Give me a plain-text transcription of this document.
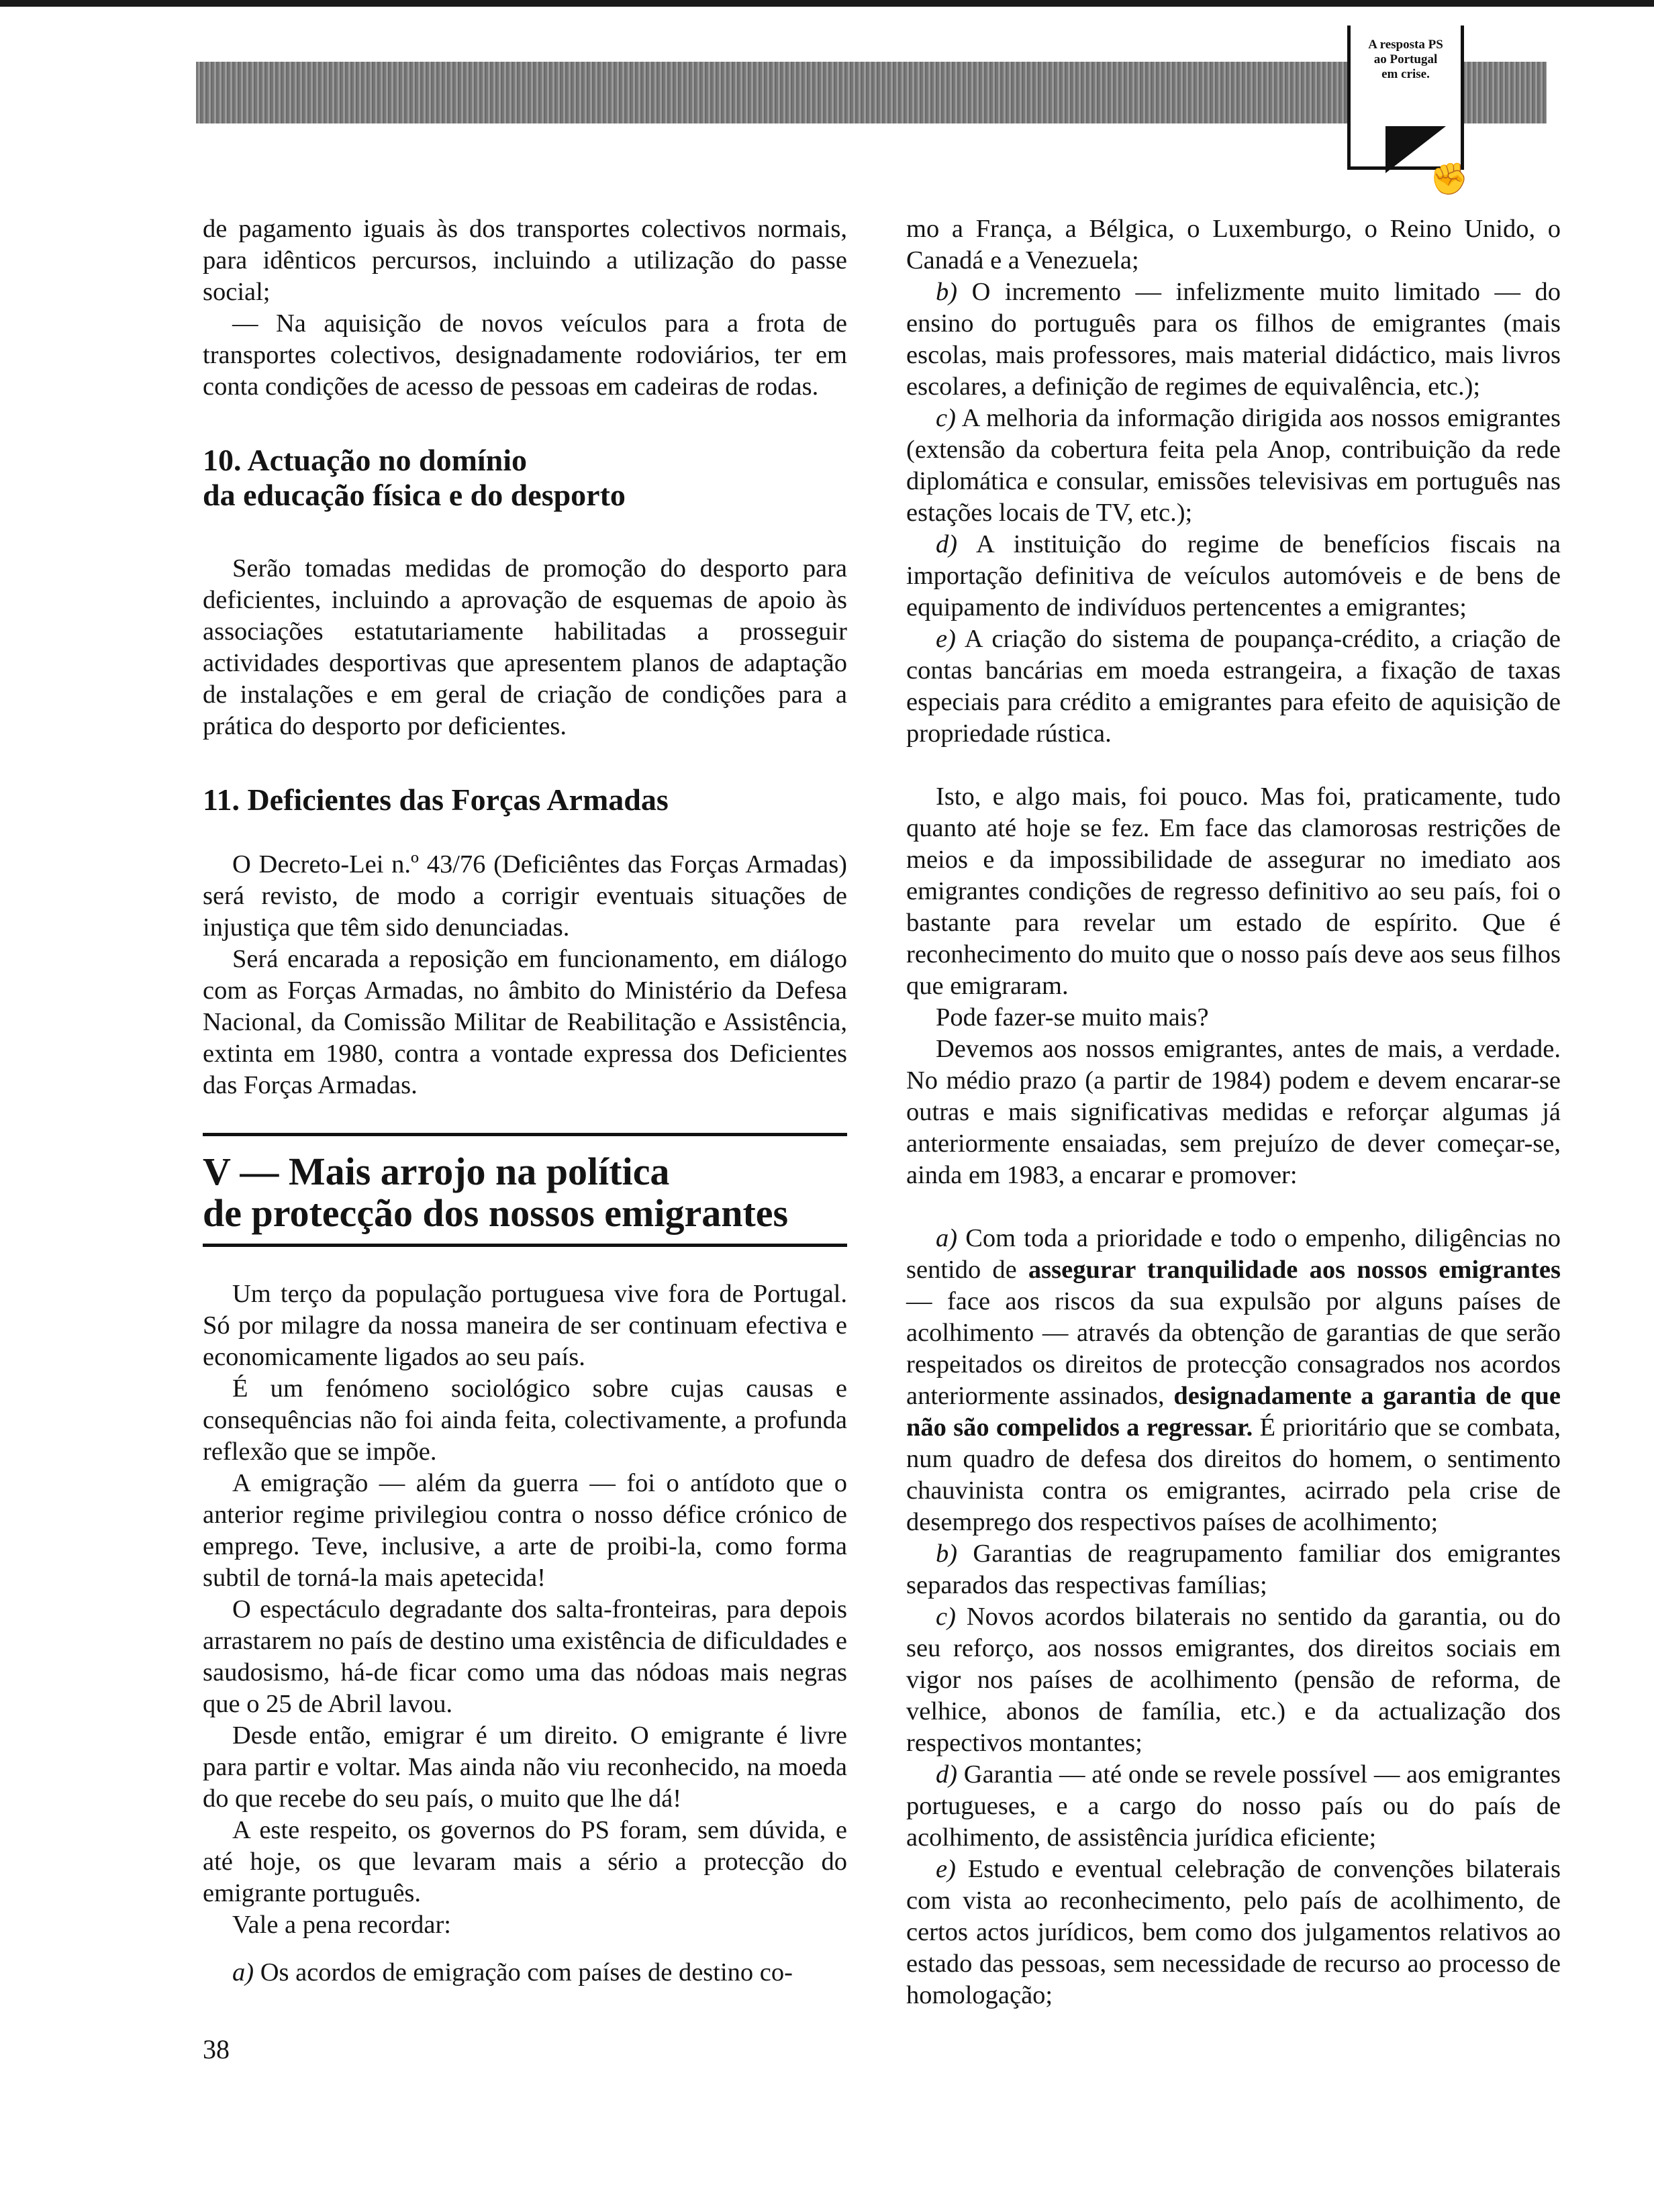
A resposta PS
ao Portugal
em crise.
✊

de pagamento iguais às dos transportes colectivos normais, para idênticos percursos, incluindo a utilização do passe social;

— Na aquisição de novos veículos para a frota de transportes colectivos, designadamente rodoviários, ter em conta condições de acesso de pessoas em cadeiras de rodas.

10. Actuação no domínio
da educação física e do desporto

Serão tomadas medidas de promoção do desporto para deficientes, incluindo a aprovação de esquemas de apoio às associações estatutariamente habilitadas a prosseguir actividades desportivas que apresentem planos de adaptação de instalações e em geral de criação de condições para a prática do desporto por deficientes.

11. Deficientes das Forças Armadas

O Decreto-Lei n.º 43/76 (Deficiêntes das Forças Armadas) será revisto, de modo a corrigir eventuais situações de injustiça que têm sido denunciadas.

Será encarada a reposição em funcionamento, em diálogo com as Forças Armadas, no âmbito do Ministério da Defesa Nacional, da Comissão Militar de Reabilitação e Assistência, extinta em 1980, contra a vontade expressa dos Deficientes das Forças Armadas.

V — Mais arrojo na política
de protecção dos nossos emigrantes

Um terço da população portuguesa vive fora de Portugal. Só por milagre da nossa maneira de ser continuam efectiva e economicamente ligados ao seu país.

É um fenómeno sociológico sobre cujas causas e consequências não foi ainda feita, colectivamente, a profunda reflexão que se impõe.

A emigração — além da guerra — foi o antídoto que o anterior regime privilegiou contra o nosso défice crónico de emprego. Teve, inclusive, a arte de proibi-la, como forma subtil de torná-la mais apetecida!

O espectáculo degradante dos salta-fronteiras, para depois arrastarem no país de destino uma existência de dificuldades e saudosismo, há-de ficar como uma das nódoas mais negras que o 25 de Abril lavou.

Desde então, emigrar é um direito. O emigrante é livre para partir e voltar. Mas ainda não viu reconhecido, na moeda do que recebe do seu país, o muito que lhe dá!

A este respeito, os governos do PS foram, sem dúvida, e até hoje, os que levaram mais a sério a protecção do emigrante português.

Vale a pena recordar:

a) Os acordos de emigração com países de destino co-

mo a França, a Bélgica, o Luxemburgo, o Reino Unido, o Canadá e a Venezuela;

b) O incremento — infelizmente muito limitado — do ensino do português para os filhos de emigrantes (mais escolas, mais professores, mais material didáctico, mais livros escolares, a definição de regimes de equivalência, etc.);

c) A melhoria da informação dirigida aos nossos emigrantes (extensão da cobertura feita pela Anop, contribuição da rede diplomática e consular, emissões televisivas em português nas estações locais de TV, etc.);

d) A instituição do regime de benefícios fiscais na importação definitiva de veículos automóveis e de bens de equipamento de indivíduos pertencentes a emigrantes;

e) A criação do sistema de poupança-crédito, a criação de contas bancárias em moeda estrangeira, a fixação de taxas especiais para crédito a emigrantes para efeito de aquisição de propriedade rústica.

Isto, e algo mais, foi pouco. Mas foi, praticamente, tudo quanto até hoje se fez. Em face das clamorosas restrições de meios e da impossibilidade de assegurar no imediato aos emigrantes condições de regresso definitivo ao seu país, foi o bastante para revelar um estado de espírito. Que é reconhecimento do muito que o nosso país deve aos seus filhos que emigraram.

Pode fazer-se muito mais?

Devemos aos nossos emigrantes, antes de mais, a verdade. No médio prazo (a partir de 1984) podem e devem encarar-se outras e mais significativas medidas e reforçar algumas já anteriormente ensaiadas, sem prejuízo de dever começar-se, ainda em 1983, a encarar e promover:

a) Com toda a prioridade e todo o empenho, diligências no sentido de assegurar tranquilidade aos nossos emigrantes — face aos riscos da sua expulsão por alguns países de acolhimento — através da obtenção de garantias de que serão respeitados os direitos de protecção consagrados nos acordos anteriormente assinados, designadamente a garantia de que não são compelidos a regressar. É prioritário que se combata, num quadro de defesa dos direitos do homem, o sentimento chauvinista contra os emigrantes, acirrado pela crise de desemprego dos respectivos países de acolhimento;

b) Garantias de reagrupamento familiar dos emigrantes separados das respectivas famílias;

c) Novos acordos bilaterais no sentido da garantia, ou do seu reforço, aos nossos emigrantes, dos direitos sociais em vigor nos países de acolhimento (pensão de reforma, de velhice, abonos de família, etc.) e da actualização dos respectivos montantes;

d) Garantia — até onde se revele possível — aos emigrantes portugueses, e a cargo do nosso país ou do país de acolhimento, de assistência jurídica eficiente;

e) Estudo e eventual celebração de convenções bilaterais com vista ao reconhecimento, pelo país de acolhimento, de certos actos jurídicos, bem como dos julgamentos relativos ao estado das pessoas, sem necessidade de recurso ao processo de homologação;

38
